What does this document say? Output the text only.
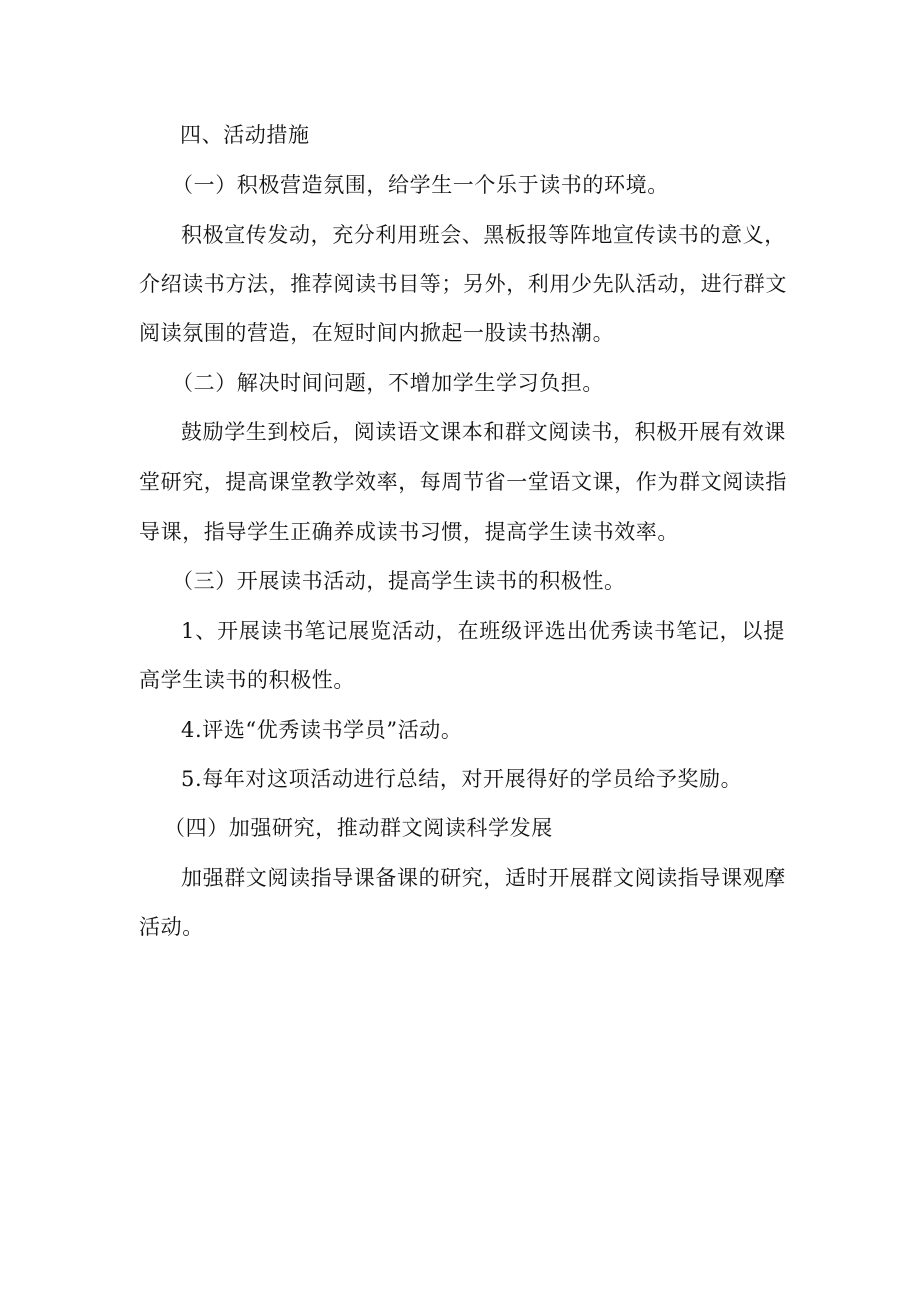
四、活动措施
（一）积极营造氛围，给学生一个乐于读书的环境。
积极宣传发动，充分利用班会、黑板报等阵地宣传读书的意义，
介绍读书方法，推荐阅读书目等；另外，利用少先队活动，进行群文
阅读氛围的营造，在短时间内掀起一股读书热潮。
（二）解决时间问题，不增加学生学习负担。
鼓励学生到校后，阅读语文课本和群文阅读书，积极开展有效课
堂研究，提高课堂教学效率，每周节省一堂语文课，作为群文阅读指
导课，指导学生正确养成读书习惯，提高学生读书效率。
（三）开展读书活动，提高学生读书的积极性。
1、开展读书笔记展览活动，在班级评选出优秀读书笔记，以提
高学生读书的积极性。
4.评选“优秀读书学员”活动。
5.每年对这项活动进行总结，对开展得好的学员给予奖励。
（四）加强研究，推动群文阅读科学发展
加强群文阅读指导课备课的研究，适时开展群文阅读指导课观摩
活动。
